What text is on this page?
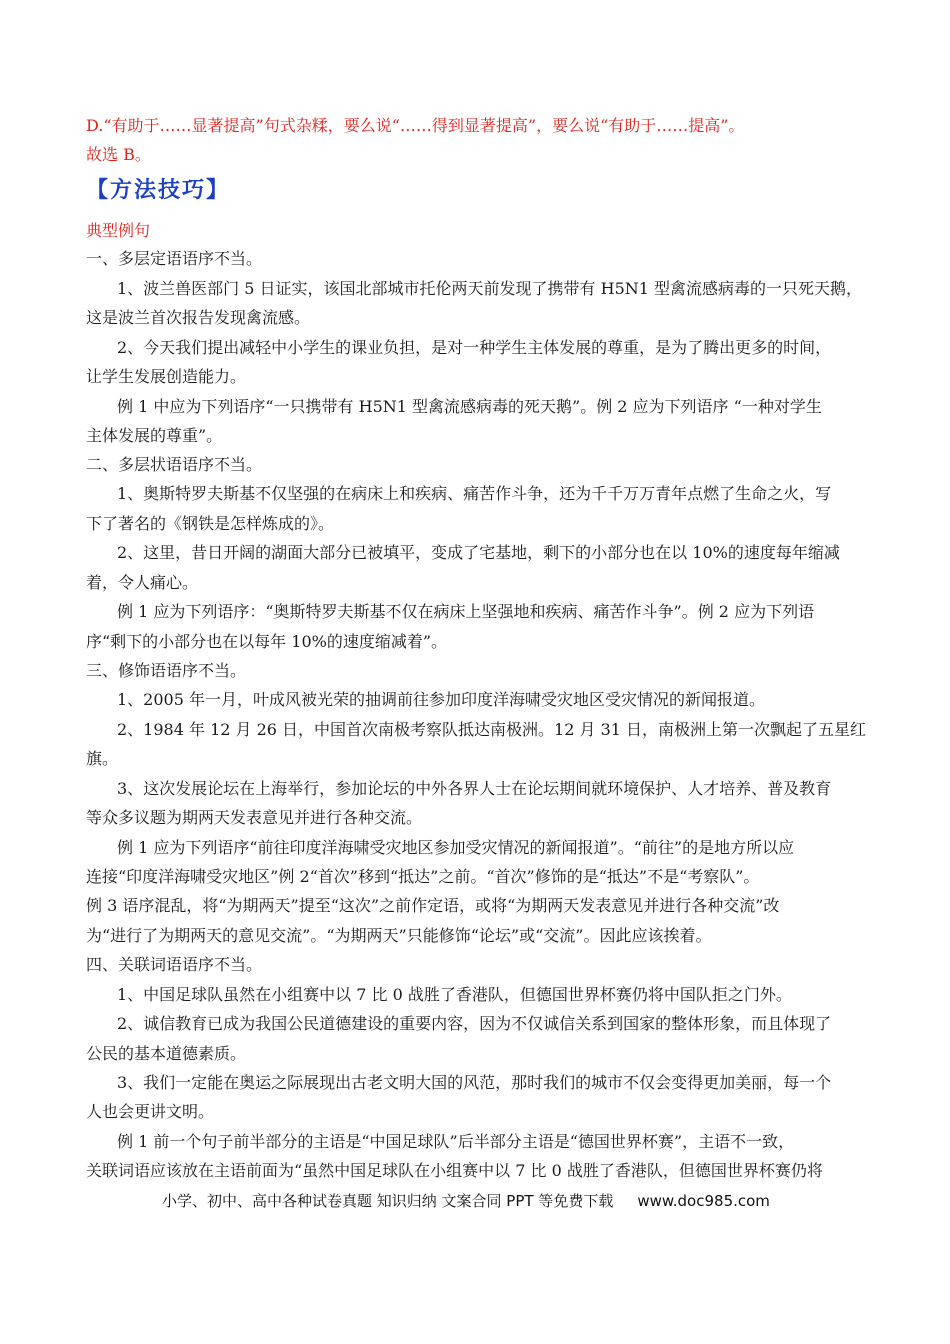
D.“有助于……显著提高”句式杂糅，要么说“……得到显著提高”，要么说“有助于……提高”。
故选 B。
【方法技巧】
典型例句
一、多层定语语序不当。
1、波兰兽医部门 5 日证实，该国北部城市托伦两天前发现了携带有 H5N1 型禽流感病毒的一只死天鹅，
这是波兰首次报告发现禽流感。
2、今天我们提出减轻中小学生的课业负担，是对一种学生主体发展的尊重，是为了腾出更多的时间，
让学生发展创造能力。
例 1 中应为下列语序“一只携带有 H5N1 型禽流感病毒的死天鹅”。例 2 应为下列语序 “一种对学生
主体发展的尊重”。
二、多层状语语序不当。
1、奥斯特罗夫斯基不仅坚强的在病床上和疾病、痛苦作斗争，还为千千万万青年点燃了生命之火，写
下了著名的《钢铁是怎样炼成的》。
2、这里，昔日开阔的湖面大部分已被填平，变成了宅基地，剩下的小部分也在以 10%的速度每年缩减
着，令人痛心。
例 1 应为下列语序：“奥斯特罗夫斯基不仅在病床上坚强地和疾病、痛苦作斗争”。例 2 应为下列语
序“剩下的小部分也在以每年 10%的速度缩减着”。
三、修饰语语序不当。
1、2005 年一月，叶成风被光荣的抽调前往参加印度洋海啸受灾地区受灾情况的新闻报道。
2、1984 年 12 月 26 日，中国首次南极考察队抵达南极洲。12 月 31 日，南极洲上第一次飘起了五星红
旗。
3、这次发展论坛在上海举行，参加论坛的中外各界人士在论坛期间就环境保护、人才培养、普及教育
等众多议题为期两天发表意见并进行各种交流。
例 1 应为下列语序“前往印度洋海啸受灾地区参加受灾情况的新闻报道”。“前往”的是地方所以应
连接“印度洋海啸受灾地区”例 2“首次”移到“抵达”之前。“首次”修饰的是“抵达”不是“考察队”。
例 3 语序混乱，将“为期两天”提至“这次”之前作定语，或将“为期两天发表意见并进行各种交流”改
为“进行了为期两天的意见交流”。“为期两天”只能修饰“论坛”或“交流”。因此应该挨着。
四、关联词语语序不当。
1、中国足球队虽然在小组赛中以 7 比 0 战胜了香港队，但德国世界杯赛仍将中国队拒之门外。
2、诚信教育已成为我国公民道德建设的重要内容，因为不仅诚信关系到国家的整体形象，而且体现了
公民的基本道德素质。
3、我们一定能在奥运之际展现出古老文明大国的风范，那时我们的城市不仅会变得更加美丽，每一个
人也会更讲文明。
例 1 前一个句子前半部分的主语是“中国足球队”后半部分主语是“德国世界杯赛”，主语不一致，
关联词语应该放在主语前面为“虽然中国足球队在小组赛中以 7 比 0 战胜了香港队，但德国世界杯赛仍将
小学、初中、高中各种试卷真题 知识归纳 文案合同 PPT 等免费下载 www.doc985.com
